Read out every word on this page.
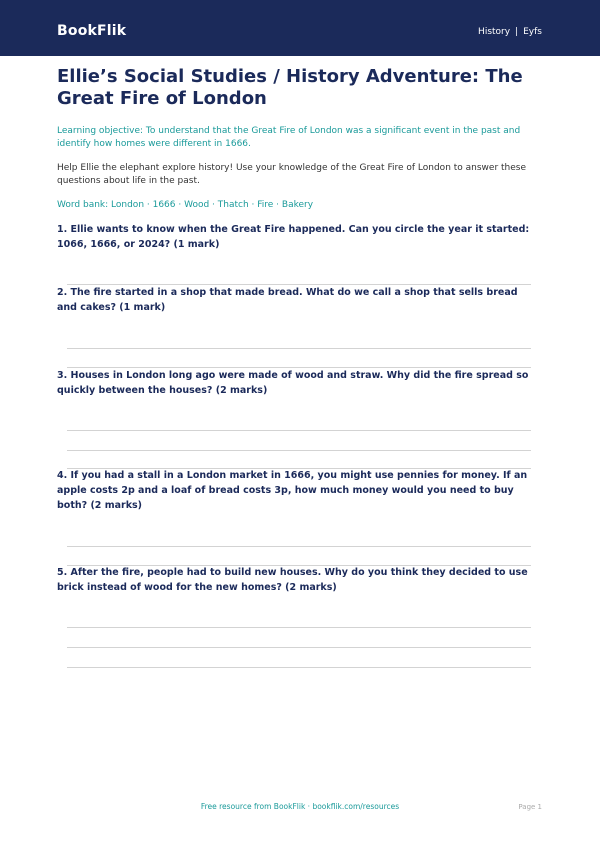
BookFlik	History | Eyfs
Ellie’s Social Studies / History Adventure: The Great Fire of London

Learning objective: To understand that the Great Fire of London was a significant event in the past and identify how homes were different in 1666.

Help Ellie the elephant explore history! Use your knowledge of the Great Fire of London to answer these questions about life in the past.

Word bank: London · 1666 · Wood · Thatch · Fire · Bakery

1. Ellie wants to know when the Great Fire happened. Can you circle the year it started: 1066, 1666, or 2024? (1 mark)

2. The fire started in a shop that made bread. What do we call a shop that sells bread and cakes? (1 mark)

3. Houses in London long ago were made of wood and straw. Why did the fire spread so quickly between the houses? (2 marks)

4. If you had a stall in a London market in 1666, you might use pennies for money. If an apple costs 2p and a loaf of bread costs 3p, how much money would you need to buy both? (2 marks)

5. After the fire, people had to build new houses. Why do you think they decided to use brick instead of wood for the new homes? (2 marks)

Free resource from BookFlik · bookflik.com/resources	Page 1
